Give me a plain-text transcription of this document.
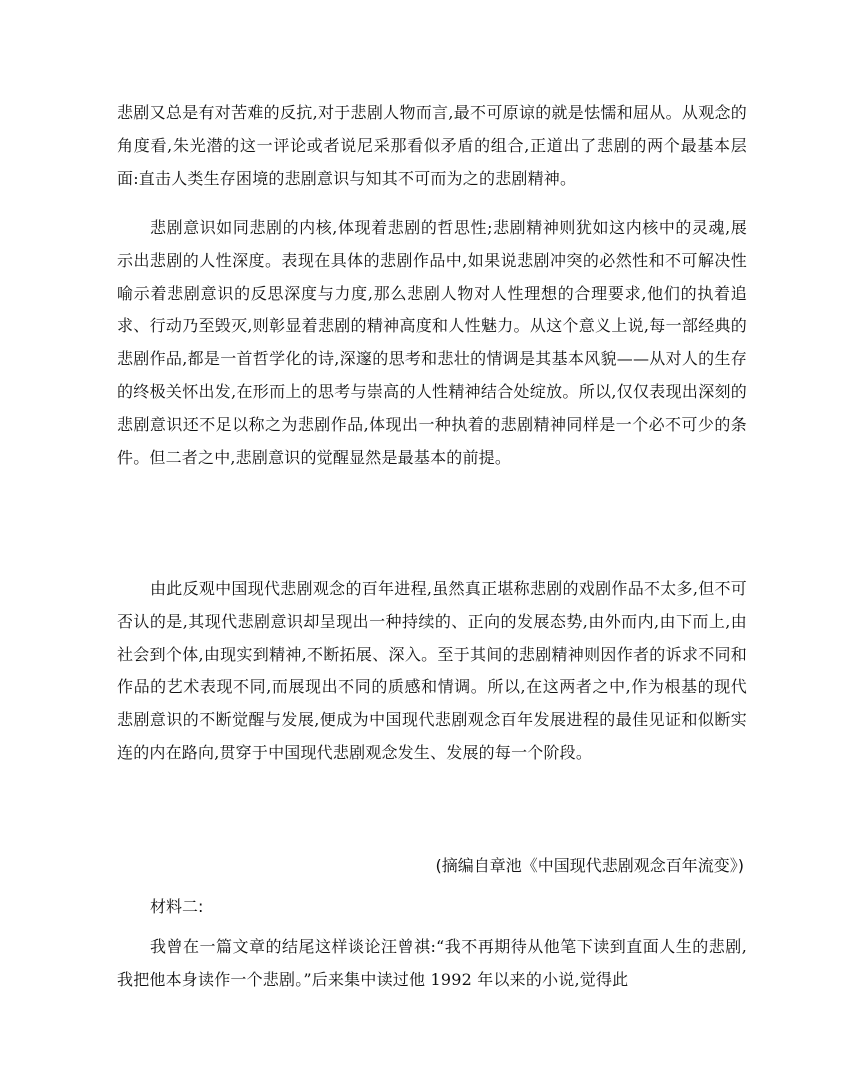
悲剧又总是有对苦难的反抗,对于悲剧人物而言,最不可原谅的就是怯懦和屈从。从观念的角度看,朱光潜的这一评论或者说尼采那看似矛盾的组合,正道出了悲剧的两个最基本层面:直击人类生存困境的悲剧意识与知其不可而为之的悲剧精神。

悲剧意识如同悲剧的内核,体现着悲剧的哲思性;悲剧精神则犹如这内核中的灵魂,展示出悲剧的人性深度。表现在具体的悲剧作品中,如果说悲剧冲突的必然性和不可解决性喻示着悲剧意识的反思深度与力度,那么悲剧人物对人性理想的合理要求,他们的执着追求、行动乃至毁灭,则彰显着悲剧的精神高度和人性魅力。从这个意义上说,每一部经典的悲剧作品,都是一首哲学化的诗,深邃的思考和悲壮的情调是其基本风貌——从对人的生存的终极关怀出发,在形而上的思考与崇高的人性精神结合处绽放。所以,仅仅表现出深刻的悲剧意识还不足以称之为悲剧作品,体现出一种执着的悲剧精神同样是一个必不可少的条件。但二者之中,悲剧意识的觉醒显然是最基本的前提。

由此反观中国现代悲剧观念的百年进程,虽然真正堪称悲剧的戏剧作品不太多,但不可否认的是,其现代悲剧意识却呈现出一种持续的、正向的发展态势,由外而内,由下而上,由社会到个体,由现实到精神,不断拓展、深入。至于其间的悲剧精神则因作者的诉求不同和作品的艺术表现不同,而展现出不同的质感和情调。所以,在这两者之中,作为根基的现代悲剧意识的不断觉醒与发展,便成为中国现代悲剧观念百年发展进程的最佳见证和似断实连的内在路向,贯穿于中国现代悲剧观念发生、发展的每一个阶段。

(摘编自章池《中国现代悲剧观念百年流变》)
材料二:

我曾在一篇文章的结尾这样谈论汪曾祺:“我不再期待从他笔下读到直面人生的悲剧,我把他本身读作一个悲剧。”后来集中读过他 1992 年以来的小说,觉得此
